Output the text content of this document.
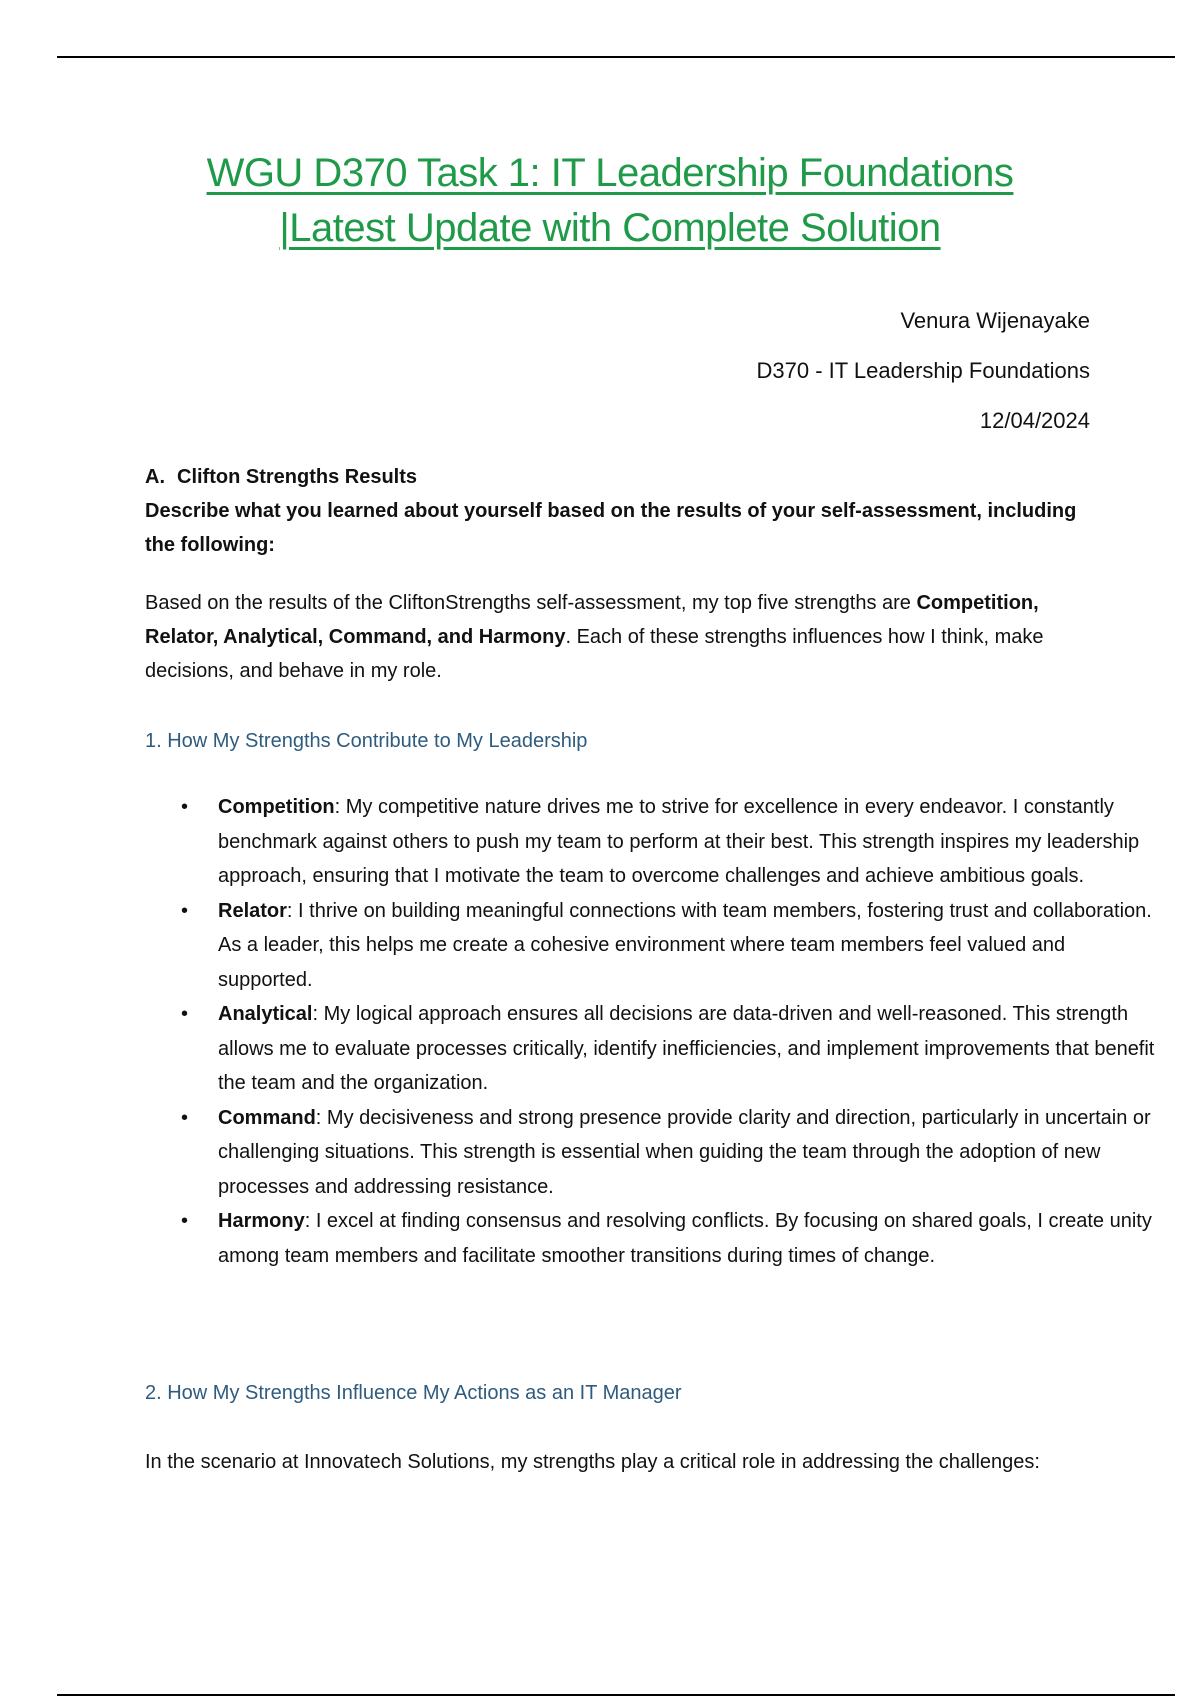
WGU D370 Task 1: IT Leadership Foundations
|Latest Update with Complete Solution
Venura Wijenayake
D370 - IT Leadership Foundations
12/04/2024
A. Clifton Strengths Results
Describe what you learned about yourself based on the results of your self-assessment, including the following:
Based on the results of the CliftonStrengths self-assessment, my top five strengths are Competition, Relator, Analytical, Command, and Harmony. Each of these strengths influences how I think, make decisions, and behave in my role.
1. How My Strengths Contribute to My Leadership
• Competition: My competitive nature drives me to strive for excellence in every endeavor. I constantly benchmark against others to push my team to perform at their best. This strength inspires my leadership approach, ensuring that I motivate the team to overcome challenges and achieve ambitious goals.
• Relator: I thrive on building meaningful connections with team members, fostering trust and collaboration. As a leader, this helps me create a cohesive environment where team members feel valued and supported.
• Analytical: My logical approach ensures all decisions are data-driven and well-reasoned. This strength allows me to evaluate processes critically, identify inefficiencies, and implement improvements that benefit the team and the organization.
• Command: My decisiveness and strong presence provide clarity and direction, particularly in uncertain or challenging situations. This strength is essential when guiding the team through the adoption of new processes and addressing resistance.
• Harmony: I excel at finding consensus and resolving conflicts. By focusing on shared goals, I create unity among team members and facilitate smoother transitions during times of change.
2. How My Strengths Influence My Actions as an IT Manager
In the scenario at Innovatech Solutions, my strengths play a critical role in addressing the challenges:
